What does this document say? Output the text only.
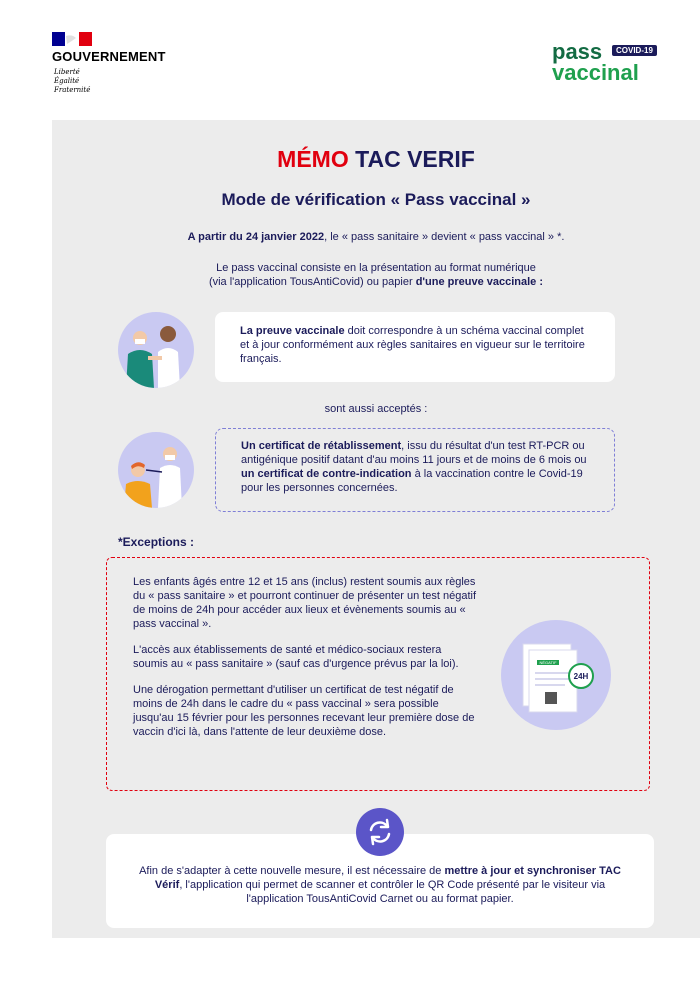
GOUVERNEMENT
Liberté
Égalité
Fraternité
pass	COVID-19
vaccinal
MÉMO TAC VERIF
Mode de vérification « Pass vaccinal »
A partir du 24 janvier 2022, le « pass sanitaire » devient « pass vaccinal » *.
Le pass vaccinal consiste en la présentation au format numérique
(via l'application TousAntiCovid) ou papier d'une preuve vaccinale :
La preuve vaccinale doit correspondre à un schéma vaccinal complet et à jour conformément aux règles sanitaires en vigueur sur le territoire français.
sont aussi acceptés :
Un certificat de rétablissement, issu du résultat d'un test RT-PCR ou antigénique positif datant d'au moins 11 jours et de moins de 6 mois ou un certificat de contre-indication à la vaccination contre le Covid-19 pour les personnes concernées.
*Exceptions :

Les enfants âgés entre 12 et 15 ans (inclus) restent soumis aux règles du « pass sanitaire » et pourront continuer de présenter un test négatif de moins de 24h pour accéder aux lieux et évènements soumis au « pass vaccinal ».

L'accès aux établissements de santé et médico-sociaux restera soumis au « pass sanitaire » (sauf cas d'urgence prévus par la loi).

Une dérogation permettant d'utiliser un certificat de test négatif de moins de 24h dans le cadre du « pass vaccinal » sera possible jusqu'au 15 février pour les personnes recevant leur première dose de vaccin d'ici là, dans l'attente de leur deuxième dose.

NÉGATIF
24H
Afin de s'adapter à cette nouvelle mesure, il est nécessaire de mettre à jour et synchroniser TAC Vérif, l'application qui permet de scanner et contrôler le QR Code présenté par le visiteur via l'application TousAntiCovid Carnet ou au format papier.
